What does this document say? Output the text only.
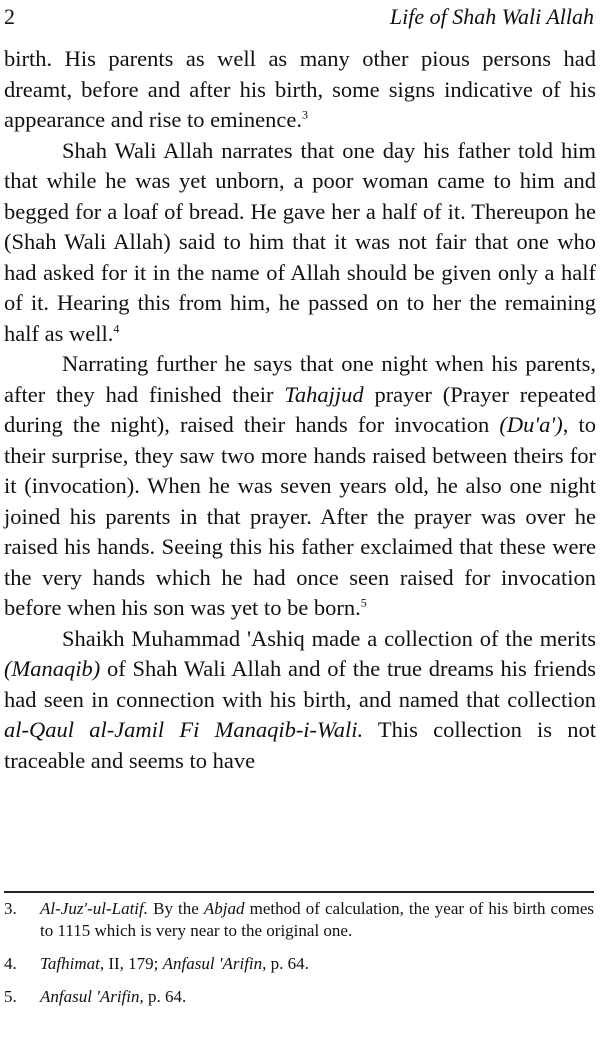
2	Life of Shah Wali Allah

birth. His parents as well as many other pious persons had dreamt, before and after his birth, some signs indicative of his appearance and rise to eminence.$^3$

Shah Wali Allah narrates that one day his father told him that while he was yet unborn, a poor woman came to him and begged for a loaf of bread. He gave her a half of it. Thereupon he (Shah Wali Allah) said to him that it was not fair that one who had asked for it in the name of Allah should be given only a half of it. Hearing this from him, he passed on to her the remaining half as well.$^4$

Narrating further he says that one night when his parents, after they had finished their Tahajjud prayer (Prayer repeated during the night), raised their hands for invocation (Du'a'), to their surprise, they saw two more hands raised between theirs for it (invocation). When he was seven years old, he also one night joined his parents in that prayer. After the prayer was over he raised his hands. Seeing this his father exclaimed that these were the very hands which he had once seen raised for invocation before when his son was yet to be born.$^5$

Shaikh Muhammad 'Ashiq made a collection of the merits (Manaqib) of Shah Wali Allah and of the true dreams his friends had seen in connection with his birth, and named that collection al-Qaul al-Jamil Fi Manaqib-i-Wali. This collection is not traceable and seems to have

3.	Al-Juz'-ul-Latif. By the Abjad method of calculation, the year of his birth comes to 1115 which is very near to the original one.
4.	Tafhimat, II, 179; Anfasul 'Arifin, p. 64.
5.	Anfasul 'Arifin, p. 64.
